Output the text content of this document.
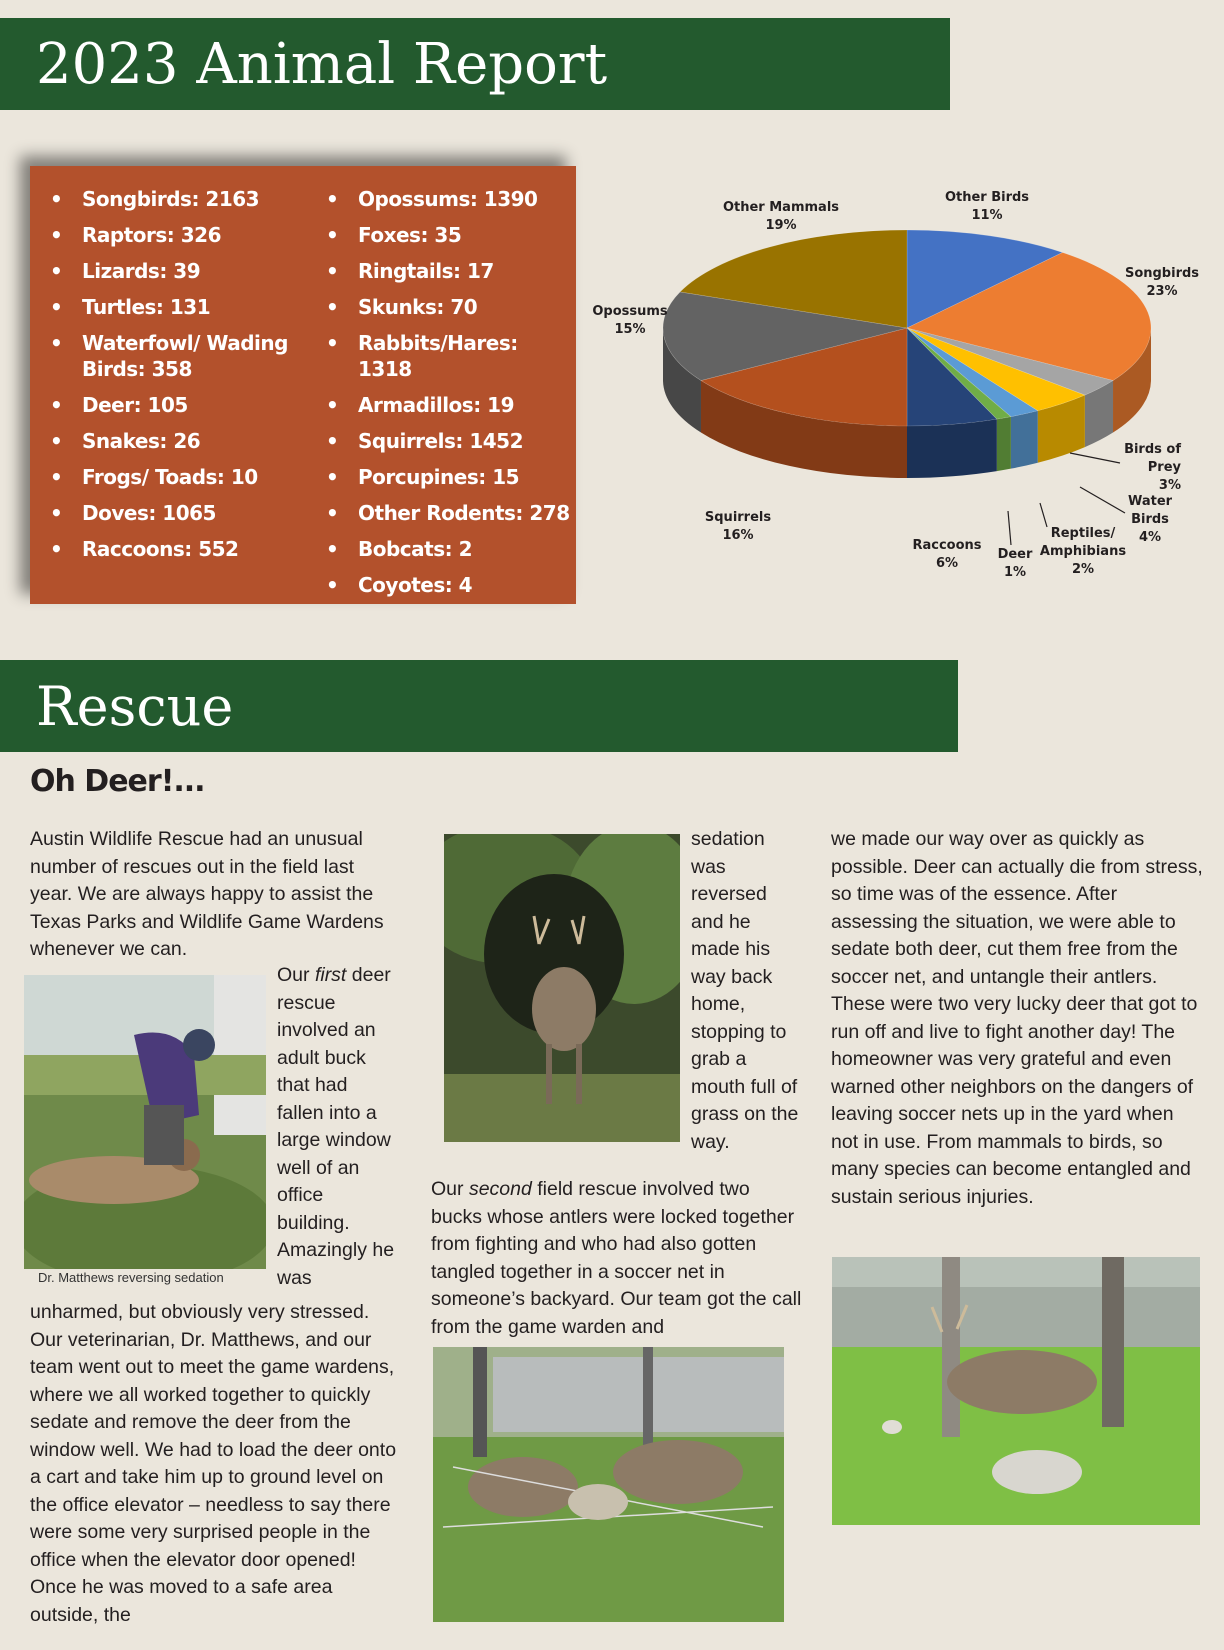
2023 Animal Report
• Songbirds: 2163
• Raptors: 326
• Lizards: 39
• Turtles: 131
• Waterfowl/ Wading Birds: 358
• Deer: 105
• Snakes: 26
• Frogs/ Toads: 10
• Doves: 1065
• Raccoons: 552
• Opossums: 1390
• Foxes: 35
• Ringtails: 17
• Skunks: 70
• Rabbits/Hares: 1318
• Armadillos: 19
• Squirrels: 1452
• Porcupines: 15
• Other Rodents: 278
• Bobcats: 2
• Coyotes: 4
Other Birds 11%
Songbirds 23%
Birds of Prey 3%
Water Birds 4%
Reptiles/ Amphibians 2%
Deer 1%
Raccoons 6%
Squirrels 16%
Opossums 15%
Other Mammals 19%
Rescue
Oh Deer!...

Austin Wildlife Rescue had an unusual number of rescues out in the field last year. We are always happy to assist the Texas Parks and Wildlife Game Wardens whenever we can.

Dr. Matthews reversing sedation

Our first deer rescue involved an adult buck that had fallen into a large window well of an office building. Amazingly he was

unharmed, but obviously very stressed. Our veterinarian, Dr. Matthews, and our team went out to meet the game wardens, where we all worked together to quickly sedate and remove the deer from the window well. We had to load the deer onto a cart and take him up to ground level on the office elevator – needless to say there were some very surprised people in the office when the elevator door opened! Once he was moved to a safe area outside, the

sedation was reversed and he made his way back home, stopping to grab a mouth full of grass on the way.

Our second field rescue involved two bucks whose antlers were locked together from fighting and who had also gotten tangled together in a soccer net in someone’s backyard. Our team got the call from the game warden and

we made our way over as quickly as possible. Deer can actually die from stress, so time was of the essence. After assessing the situation, we were able to sedate both deer, cut them free from the soccer net, and untangle their antlers. These were two very lucky deer that got to run off and live to fight another day! The homeowner was very grateful and even warned other neighbors on the dangers of leaving soccer nets up in the yard when not in use. From mammals to birds, so many species can become entangled and sustain serious injuries.
